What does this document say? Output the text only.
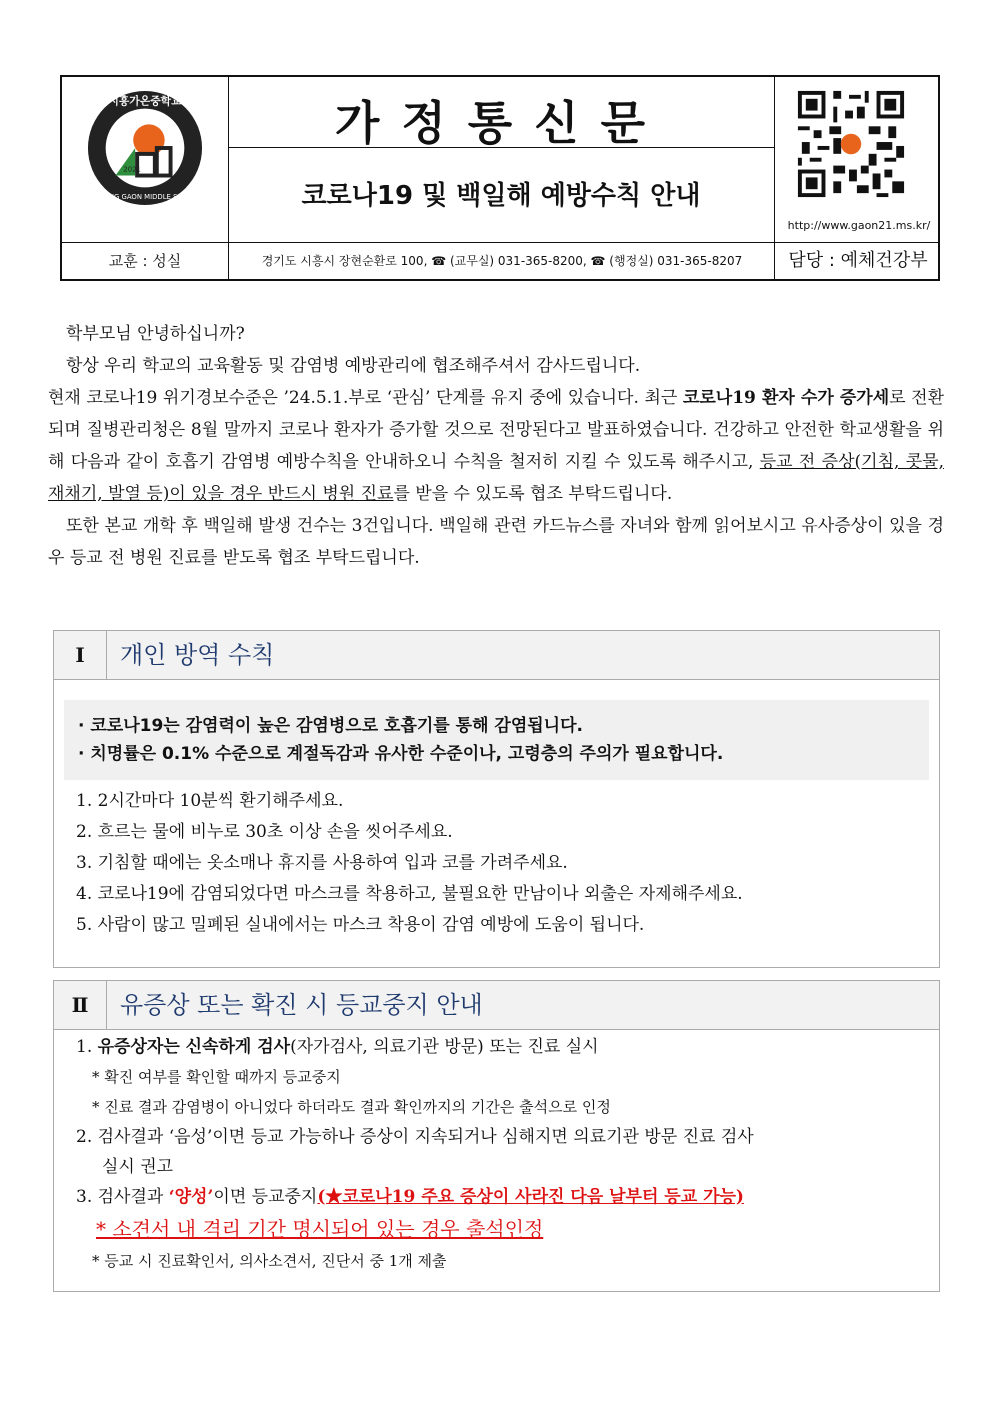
시흥가온중학교
SIHEUNG GAON MIDDLE SCHOOL
2021
가정통신문
코로나19 및 백일해 예방수칙 안내
http://www.gaon21.ms.kr/
교훈 : 성실	경기도 시흥시 장현순환로 100, ☎ (교무실) 031-365-8200, ☎ (행정실) 031-365-8207	담당 : 예체건강부

학부모님 안녕하십니까?

항상 우리 학교의 교육활동 및 감염병 예방관리에 협조해주셔서 감사드립니다.

현재 코로나19 위기경보수준은 ’24.5.1.부로 ‘관심’ 단계를 유지 중에 있습니다. 최근 코로나19 환자 수가 증가세로 전환되며 질병관리청은 8월 말까지 코로나 환자가 증가할 것으로 전망된다고 발표하였습니다. 건강하고 안전한 학교생활을 위해 다음과 같이 호흡기 감염병 예방수칙을 안내하오니 수칙을 철저히 지킬 수 있도록 해주시고, 등교 전 증상(기침, 콧물, 재채기, 발열 등)이 있을 경우 반드시 병원 진료를 받을 수 있도록 협조 부탁드립니다.

또한 본교 개학 후 백일해 발생 건수는 3건입니다. 백일해 관련 카드뉴스를 자녀와 함께 읽어보시고 유사증상이 있을 경우 등교 전 병원 진료를 받도록 협조 부탁드립니다.

Ⅰ	개인 방역 수칙
· 코로나19는 감염력이 높은 감염병으로 호흡기를 통해 감염됩니다.
· 치명률은 0.1% 수준으로 계절독감과 유사한 수준이나, 고령층의 주의가 필요합니다.
1. 2시간마다 10분씩 환기해주세요.
2. 흐르는 물에 비누로 30초 이상 손을 씻어주세요.
3. 기침할 때에는 옷소매나 휴지를 사용하여 입과 코를 가려주세요.
4. 코로나19에 감염되었다면 마스크를 착용하고, 불필요한 만남이나 외출은 자제해주세요.
5. 사람이 많고 밀폐된 실내에서는 마스크 착용이 감염 예방에 도움이 됩니다.
Ⅱ	유증상 또는 확진 시 등교중지 안내
1. 유증상자는 신속하게 검사(자가검사, 의료기관 방문) 또는 진료 실시
* 확진 여부를 확인할 때까지 등교중지
* 진료 결과 감염병이 아니었다 하더라도 결과 확인까지의 기간은 출석으로 인정
2. 검사결과 ‘음성’이면 등교 가능하나 증상이 지속되거나 심해지면 의료기관 방문 진료 검사
실시 권고
3. 검사결과 ‘양성’이면 등교중지(★코로나19 주요 증상이 사라진 다음 날부터 등교 가능)
* 소견서 내 격리 기간 명시되어 있는 경우 출석인정
* 등교 시 진료확인서, 의사소견서, 진단서 중 1개 제출
